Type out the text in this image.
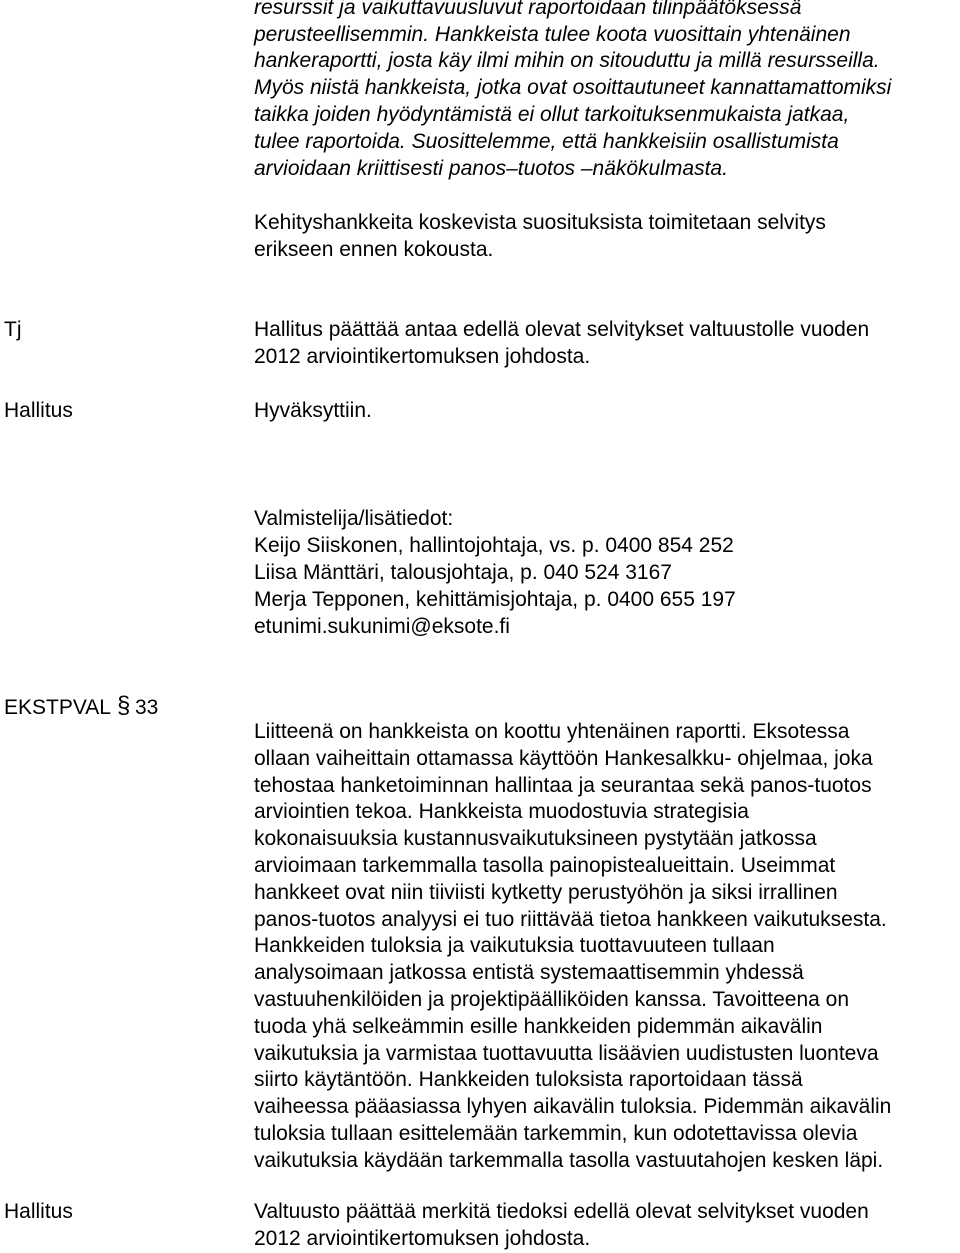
resurssit ja vaikuttavuusluvut raportoidaan tilinpäätöksessä
perusteellisemmin. Hankkeista tulee koota vuosittain yhtenäinen
hankeraportti, josta käy ilmi mihin on sitouduttu ja millä resursseilla.
Myös niistä hankkeista, jotka ovat osoittautuneet kannattamattomiksi
taikka joiden hyödyntämistä ei ollut tarkoituksenmukaista jatkaa,
tulee raportoida. Suosittelemme, että hankkeisiin osallistumista
arvioidaan kriittisesti panos–tuotos –näkökulmasta.
Kehityshankkeita koskevista suosituksista toimitetaan selvitys
erikseen ennen kokousta.
Tj	Hallitus päättää antaa edellä olevat selvitykset valtuustolle vuoden
2012 arviointikertomuksen johdosta.
Hallitus	Hyväksyttiin.
Valmistelija/lisätiedot:
Keijo Siiskonen, hallintojohtaja, vs. p. 0400 854 252
Liisa Mänttäri, talousjohtaja, p. 040 524 3167
Merja Tepponen, kehittämisjohtaja, p. 0400 655 197
etunimi.sukunimi@eksote.fi
EKSTPVAL § 33
Liitteenä on hankkeista on koottu yhtenäinen raportti. Eksotessa
ollaan vaiheittain ottamassa käyttöön Hankesalkku- ohjelmaa, joka
tehostaa hanketoiminnan hallintaa ja seurantaa sekä panos-tuotos
arviointien tekoa. Hankkeista muodostuvia strategisia
kokonaisuuksia kustannusvaikutuksineen pystytään jatkossa
arvioimaan tarkemmalla tasolla painopistealueittain. Useimmat
hankkeet ovat niin tiiviisti kytketty perustyöhön ja siksi irrallinen
panos-tuotos analyysi ei tuo riittävää tietoa hankkeen vaikutuksesta.
Hankkeiden tuloksia ja vaikutuksia tuottavuuteen tullaan
analysoimaan jatkossa entistä systemaattisemmin yhdessä
vastuuhenkilöiden ja projektipäälliköiden kanssa. Tavoitteena on
tuoda yhä selkeämmin esille hankkeiden pidemmän aikavälin
vaikutuksia ja varmistaa tuottavuutta lisäävien uudistusten luonteva
siirto käytäntöön. Hankkeiden tuloksista raportoidaan tässä
vaiheessa pääasiassa lyhyen aikavälin tuloksia. Pidemmän aikavälin
tuloksia tullaan esittelemään tarkemmin, kun odotettavissa olevia
vaikutuksia käydään tarkemmalla tasolla vastuutahojen kesken läpi.
Hallitus	Valtuusto päättää merkitä tiedoksi edellä olevat selvitykset vuoden
2012 arviointikertomuksen johdosta.
